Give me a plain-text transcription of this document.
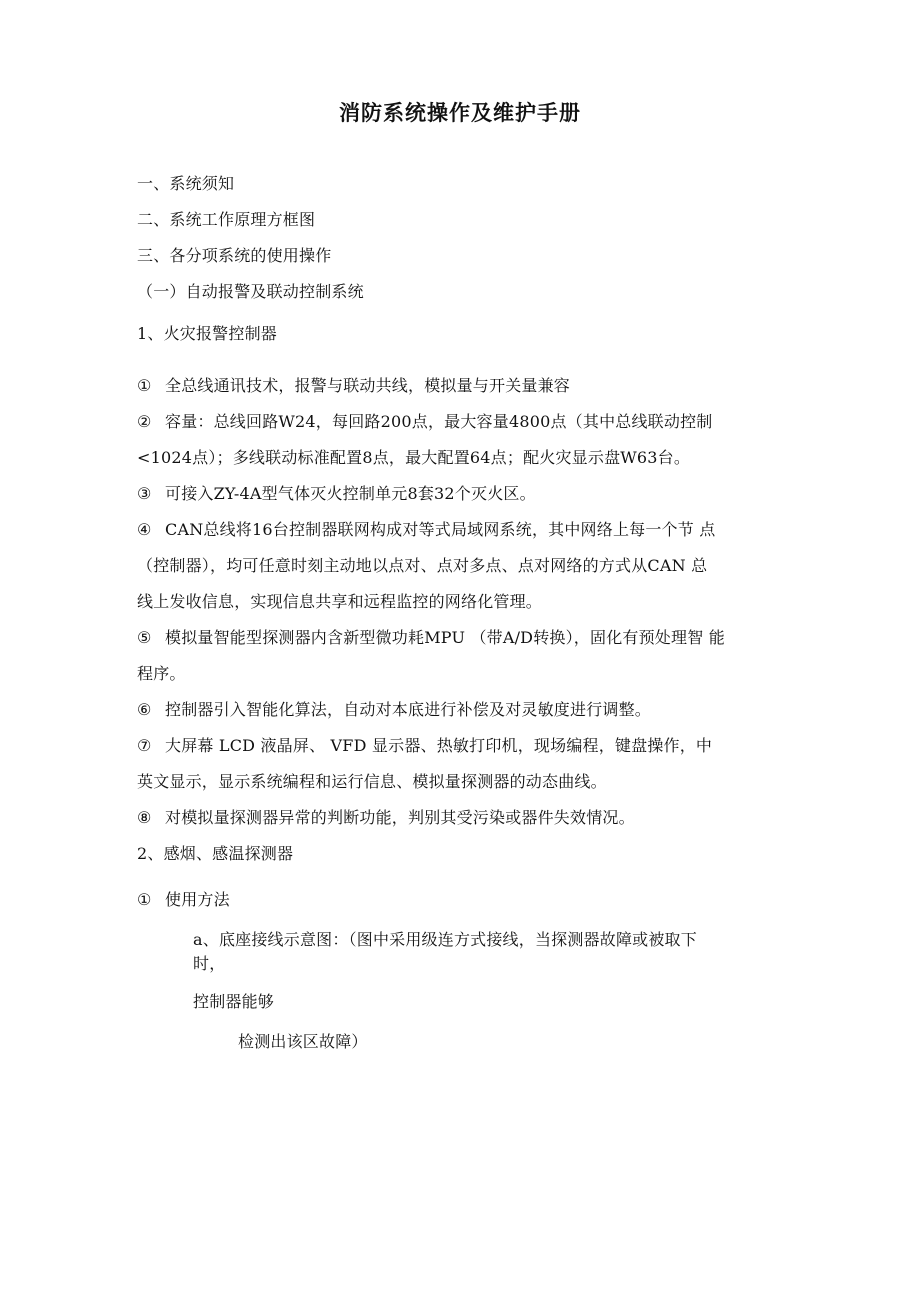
消防系统操作及维护手册
一、系统须知
二、系统工作原理方框图
三、各分项系统的使用操作
（一）自动报警及联动控制系统
1、火灾报警控制器
① 全总线通讯技术，报警与联动共线，模拟量与开关量兼容
② 容量：总线回路W24，每回路200点，最大容量4800点（其中总线联动控制
<1024点）；多线联动标准配置8点，最大配置64点；配火灾显示盘W63台。
③ 可接入ZY-4A型气体灭火控制单元8套32个灭火区。
④ CAN总线将16台控制器联网构成对等式局域网系统，其中网络上每一个节 点
（控制器），均可任意时刻主动地以点对、点对多点、点对网络的方式从CAN 总
线上发收信息，实现信息共享和远程监控的网络化管理。
⑤ 模拟量智能型探测器内含新型微功耗MPU （带A/D转换），固化有预处理智 能
程序。
⑥ 控制器引入智能化算法，自动对本底进行补偿及对灵敏度进行调整。
⑦ 大屏幕 LCD 液晶屏、 VFD 显示器、热敏打印机，现场编程，键盘操作，中
英文显示，显示系统编程和运行信息、模拟量探测器的动态曲线。
⑧ 对模拟量探测器异常的判断功能，判别其受污染或器件失效情况。
2、感烟、感温探测器
① 使用方法
a、底座接线示意图：（图中采用级连方式接线，当探测器故障或被取下
时，
控制器能够
检测出该区故障）
